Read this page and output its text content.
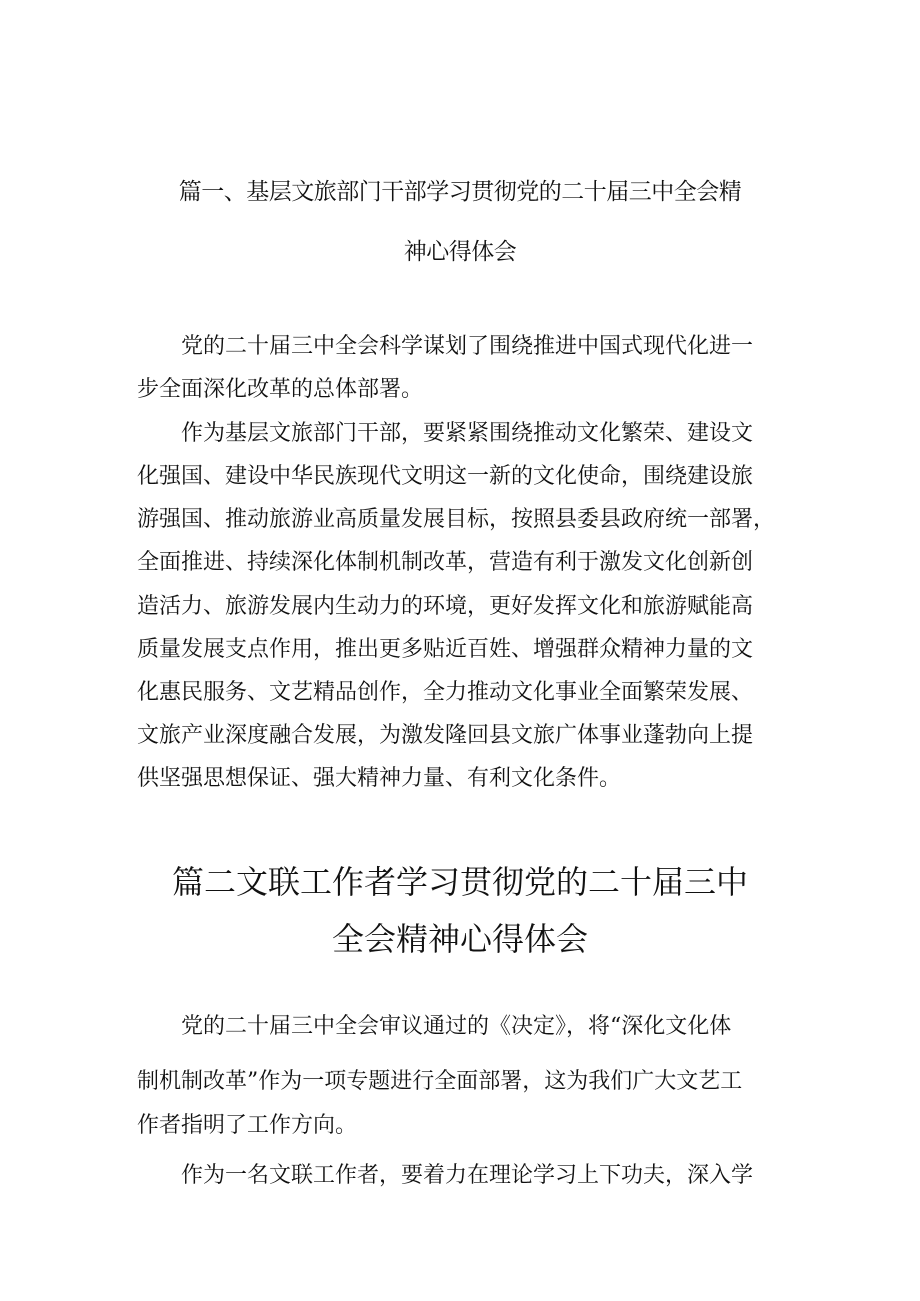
篇一、基层文旅部门干部学习贯彻党的二十届三中全会精
神心得体会
　　党的二十届三中全会科学谋划了围绕推进中国式现代化进一
步全面深化改革的总体部署。
　　作为基层文旅部门干部，要紧紧围绕推动文化繁荣、建设文
化强国、建设中华民族现代文明这一新的文化使命，围绕建设旅
游强国、推动旅游业高质量发展目标，按照县委县政府统一部署，
全面推进、持续深化体制机制改革，营造有利于激发文化创新创
造活力、旅游发展内生动力的环境，更好发挥文化和旅游赋能高
质量发展支点作用，推出更多贴近百姓、增强群众精神力量的文
化惠民服务、文艺精品创作，全力推动文化事业全面繁荣发展、
文旅产业深度融合发展，为激发隆回县文旅广体事业蓬勃向上提
供坚强思想保证、强大精神力量、有利文化条件。
篇二文联工作者学习贯彻党的二十届三中
全会精神心得体会
　　党的二十届三中全会审议通过的《决定》，将“深化文化体
制机制改革”作为一项专题进行全面部署，这为我们广大文艺工
作者指明了工作方向。
　　作为一名文联工作者，要着力在理论学习上下功夫，深入学
